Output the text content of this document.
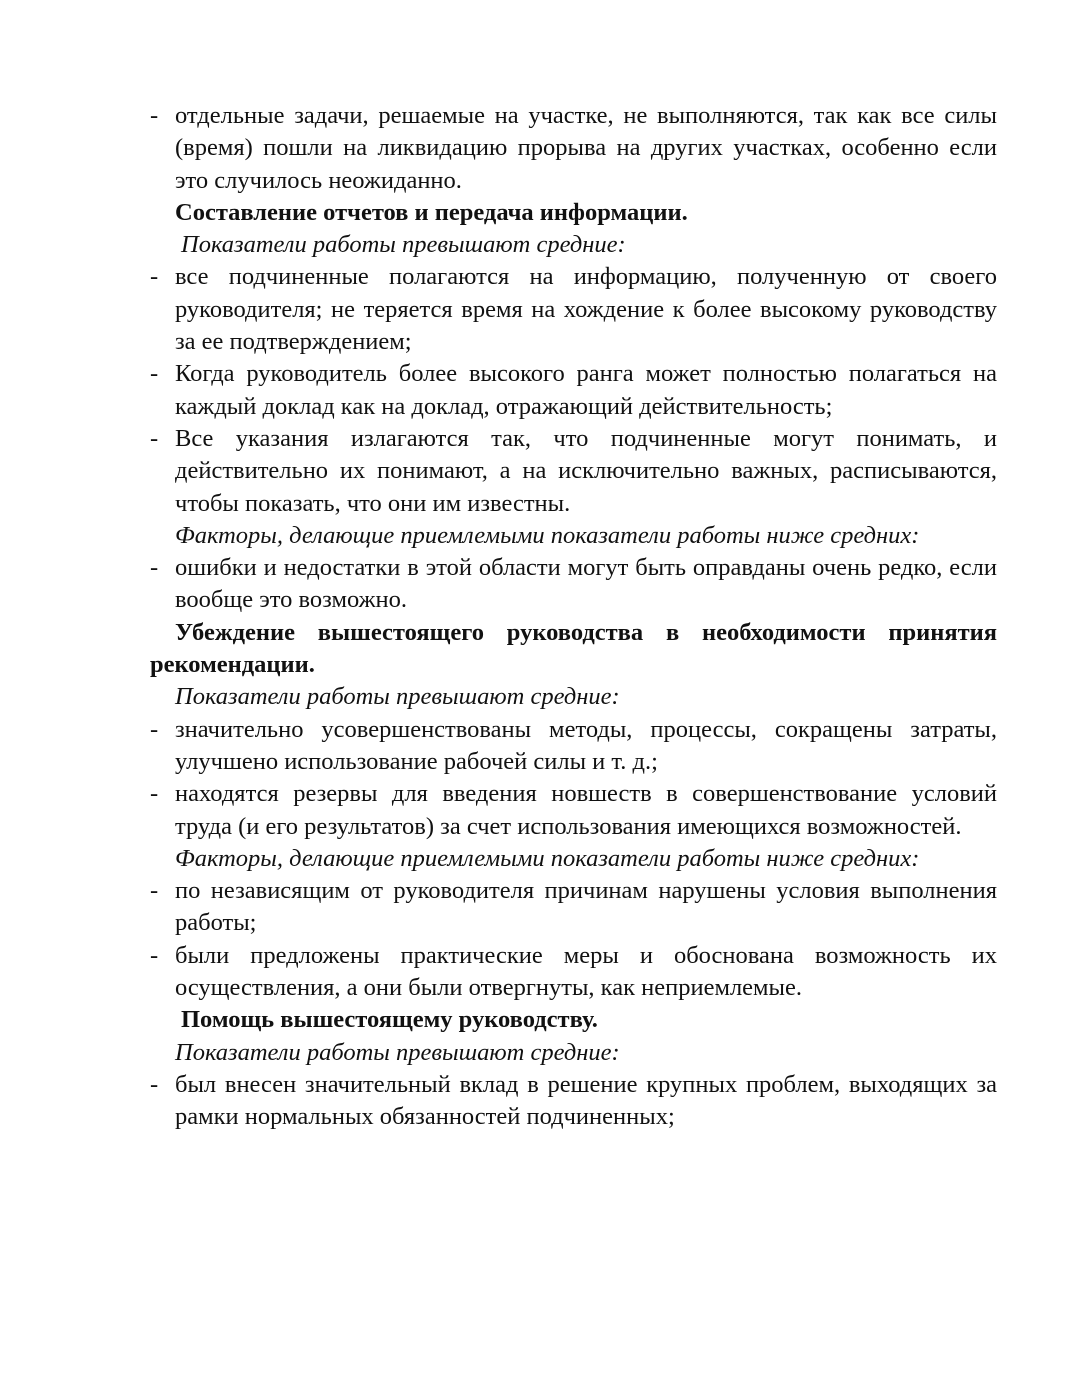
- отдельные задачи, решаемые на участке, не выполняются, так как все силы (время) пошли на ликвидацию прорыва на других участках, особенно если это случилось неожиданно.
Составление отчетов и передача информации.
Показатели работы превышают средние:
- все подчиненные полагаются на информацию, полученную от своего руководителя; не теряется время на хождение к более высокому руководству за ее подтверждением;
- Когда руководитель более высокого ранга может полностью полагаться на каждый доклад как на доклад, отражающий действительность;
- Все указания излагаются так, что подчиненные могут понимать, и действительно их понимают, а на исключительно важных, расписываются, чтобы показать, что они им известны.
Факторы, делающие приемлемыми показатели работы ниже средних:
- ошибки и недостатки в этой области могут быть оправданы очень редко, если вообще это возможно.
Убеждение вышестоящего руководства в необходимости принятия рекомендации.
Показатели работы превышают средние:
- значительно усовершенствованы методы, процессы, сокращены затраты, улучшено использование рабочей силы и т. д.;
- находятся резервы для введения новшеств в совершенствование условий труда (и его результатов) за счет использования имеющихся возможностей.
Факторы, делающие приемлемыми показатели работы ниже средних:
- по независящим от руководителя причинам нарушены условия выполнения работы;
- были предложены практические меры и обоснована возможность их осуществления, а они были отвергнуты, как неприемлемые.
Помощь вышестоящему руководству.
Показатели работы превышают средние:
- был внесен значительный вклад в решение крупных проблем, выходящих за рамки нормальных обязанностей подчиненных;
